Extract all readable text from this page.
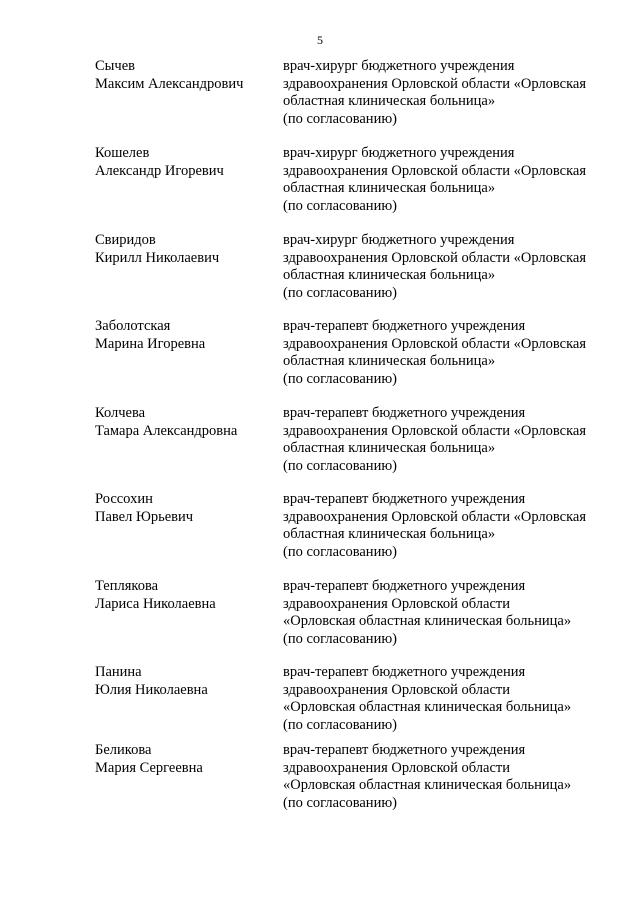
5
Сычев
Максим Александрович
врач-хирург бюджетного учреждения
здравоохранения Орловской области «Орловская
областная клиническая больница»
(по согласованию)
Кошелев
Александр Игоревич
врач-хирург бюджетного учреждения
здравоохранения Орловской области «Орловская
областная клиническая больница»
(по согласованию)
Свиридов
Кирилл Николаевич
врач-хирург бюджетного учреждения
здравоохранения Орловской области «Орловская
областная клиническая больница»
(по согласованию)
Заболотская
Марина Игоревна
врач-терапевт бюджетного учреждения
здравоохранения Орловской области «Орловская
областная клиническая больница»
(по согласованию)
Колчева
Тамара Александровна
врач-терапевт бюджетного учреждения
здравоохранения Орловской области «Орловская
областная клиническая больница»
(по согласованию)
Россохин
Павел Юрьевич
врач-терапевт бюджетного учреждения
здравоохранения Орловской области «Орловская
областная клиническая больница»
(по согласованию)
Теплякова
Лариса Николаевна
врач-терапевт бюджетного учреждения
здравоохранения Орловской области
«Орловская областная клиническая больница»
(по согласованию)
Панина
Юлия Николаевна
врач-терапевт бюджетного учреждения
здравоохранения Орловской области
«Орловская областная клиническая больница»
(по согласованию)
Беликова
Мария Сергеевна
врач-терапевт бюджетного учреждения
здравоохранения Орловской области
«Орловская областная клиническая больница»
(по согласованию)
